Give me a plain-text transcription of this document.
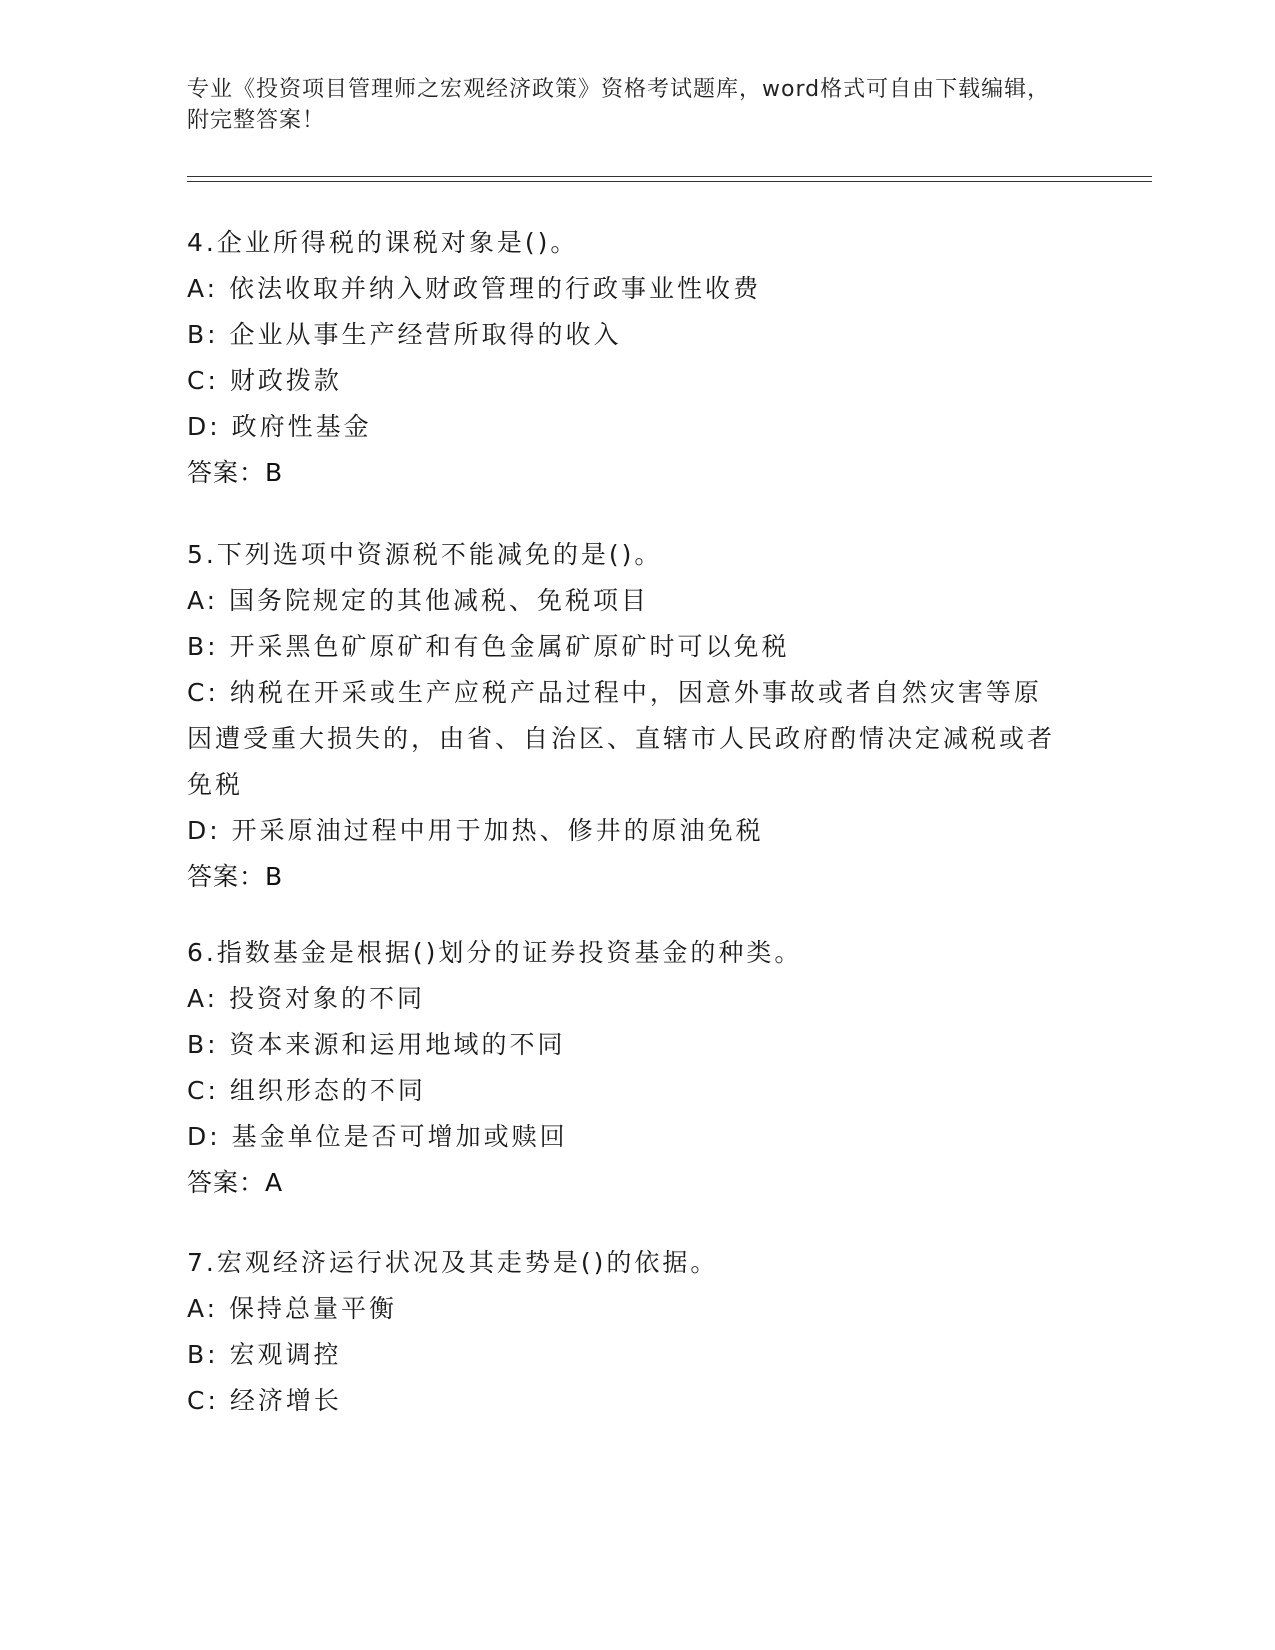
专业《投资项目管理师之宏观经济政策》资格考试题库，word格式可自由下载编辑，附完整答案！
4.企业所得税的课税对象是()。
A: 依法收取并纳入财政管理的行政事业性收费
B: 企业从事生产经营所取得的收入
C: 财政拨款
D: 政府性基金
答案：B
5.下列选项中资源税不能减免的是()。
A: 国务院规定的其他减税、免税项目
B: 开采黑色矿原矿和有色金属矿原矿时可以免税
C: 纳税在开采或生产应税产品过程中，因意外事故或者自然灾害等原因遭受重大损失的，由省、自治区、直辖市人民政府酌情决定减税或者免税
D: 开采原油过程中用于加热、修井的原油免税
答案：B
6.指数基金是根据()划分的证券投资基金的种类。
A: 投资对象的不同
B: 资本来源和运用地域的不同
C: 组织形态的不同
D: 基金单位是否可增加或赎回
答案：A
7.宏观经济运行状况及其走势是()的依据。
A: 保持总量平衡
B: 宏观调控
C: 经济增长
